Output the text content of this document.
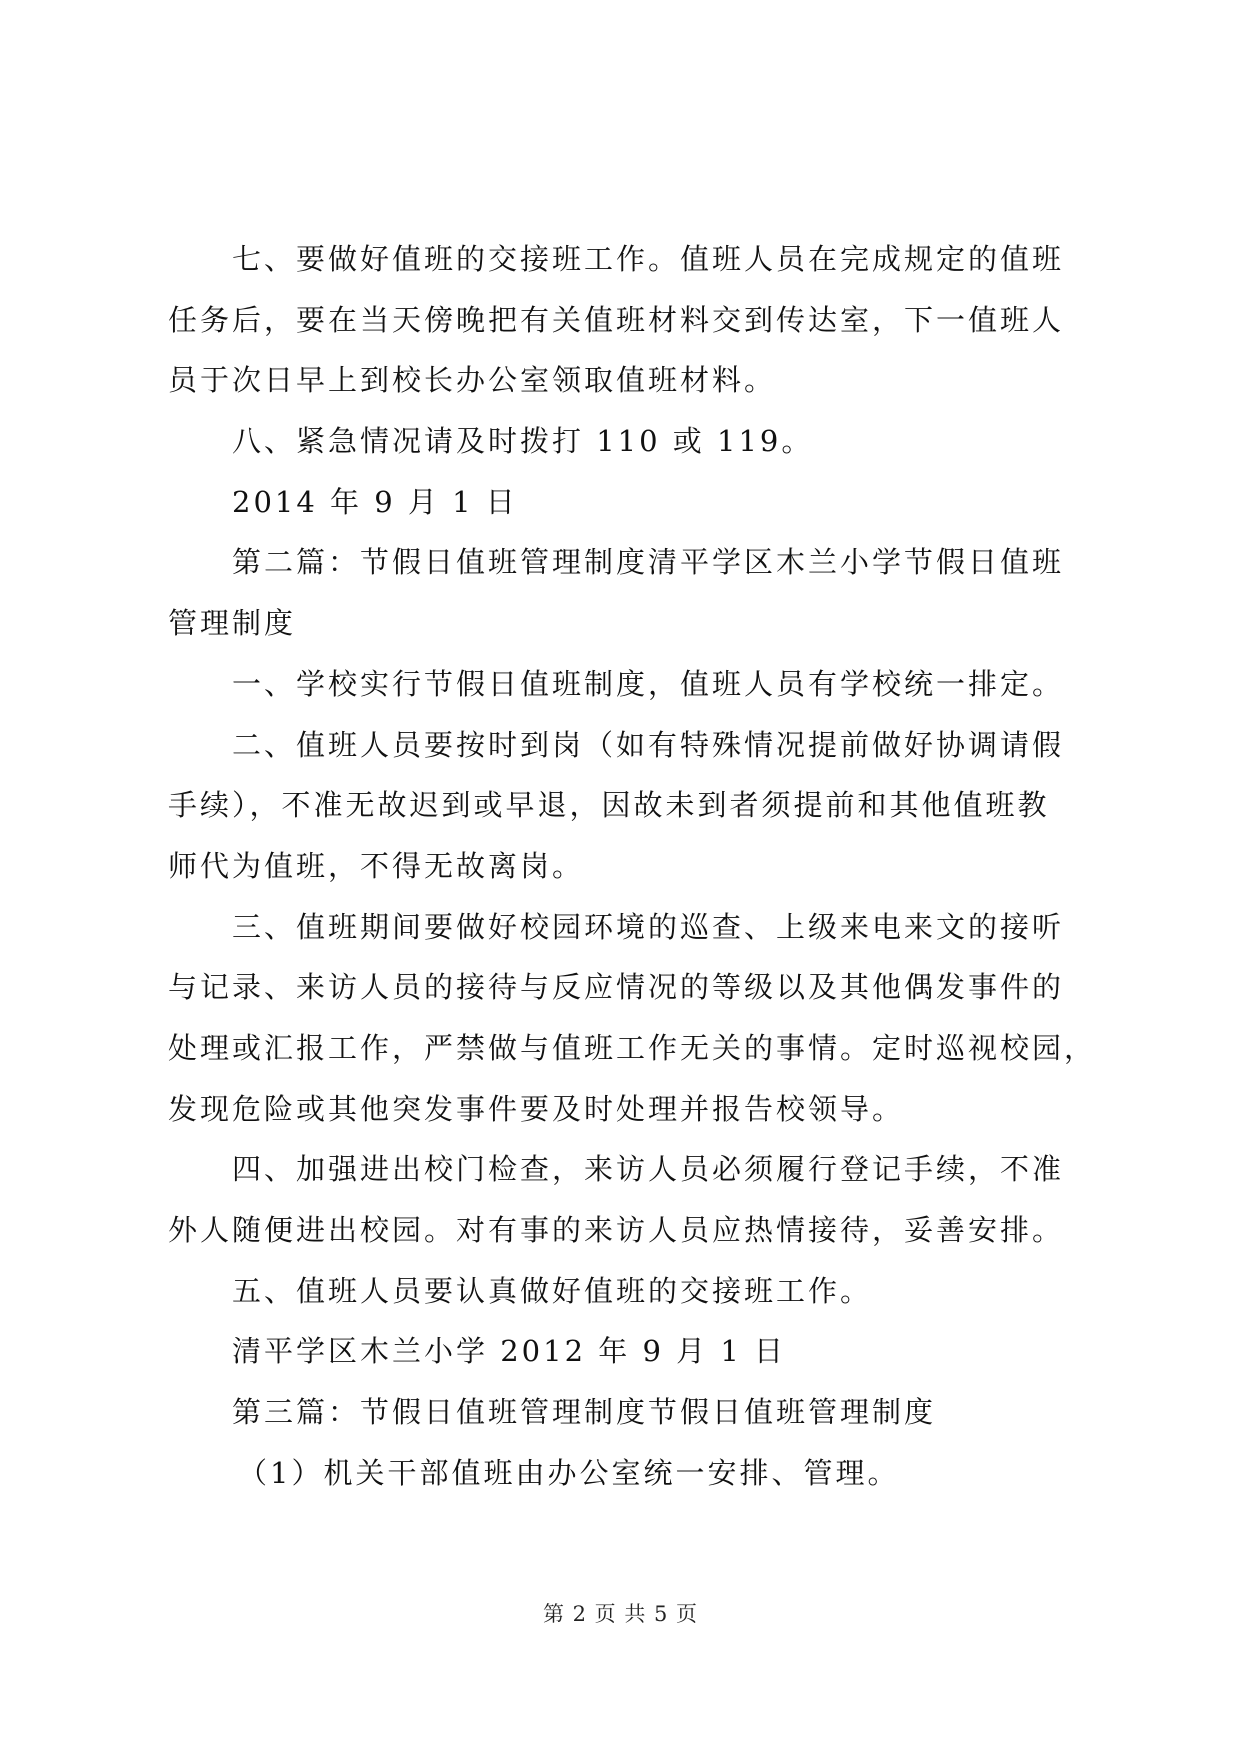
七、要做好值班的交接班工作。值班人员在完成规定的值班
任务后，要在当天傍晚把有关值班材料交到传达室，下一值班人
员于次日早上到校长办公室领取值班材料。
八、紧急情况请及时拨打 110 或 119。
2014 年 9 月 1 日
第二篇：节假日值班管理制度清平学区木兰小学节假日值班
管理制度
一、学校实行节假日值班制度，值班人员有学校统一排定。
二、值班人员要按时到岗（如有特殊情况提前做好协调请假
手续），不准无故迟到或早退，因故未到者须提前和其他值班教
师代为值班，不得无故离岗。
三、值班期间要做好校园环境的巡查、上级来电来文的接听
与记录、来访人员的接待与反应情况的等级以及其他偶发事件的
处理或汇报工作，严禁做与值班工作无关的事情。定时巡视校园，
发现危险或其他突发事件要及时处理并报告校领导。
四、加强进出校门检查，来访人员必须履行登记手续，不准
外人随便进出校园。对有事的来访人员应热情接待，妥善安排。
五、值班人员要认真做好值班的交接班工作。
清平学区木兰小学 2012 年 9 月 1 日
第三篇：节假日值班管理制度节假日值班管理制度
（1）机关干部值班由办公室统一安排、管理。
第 2 页 共 5 页
